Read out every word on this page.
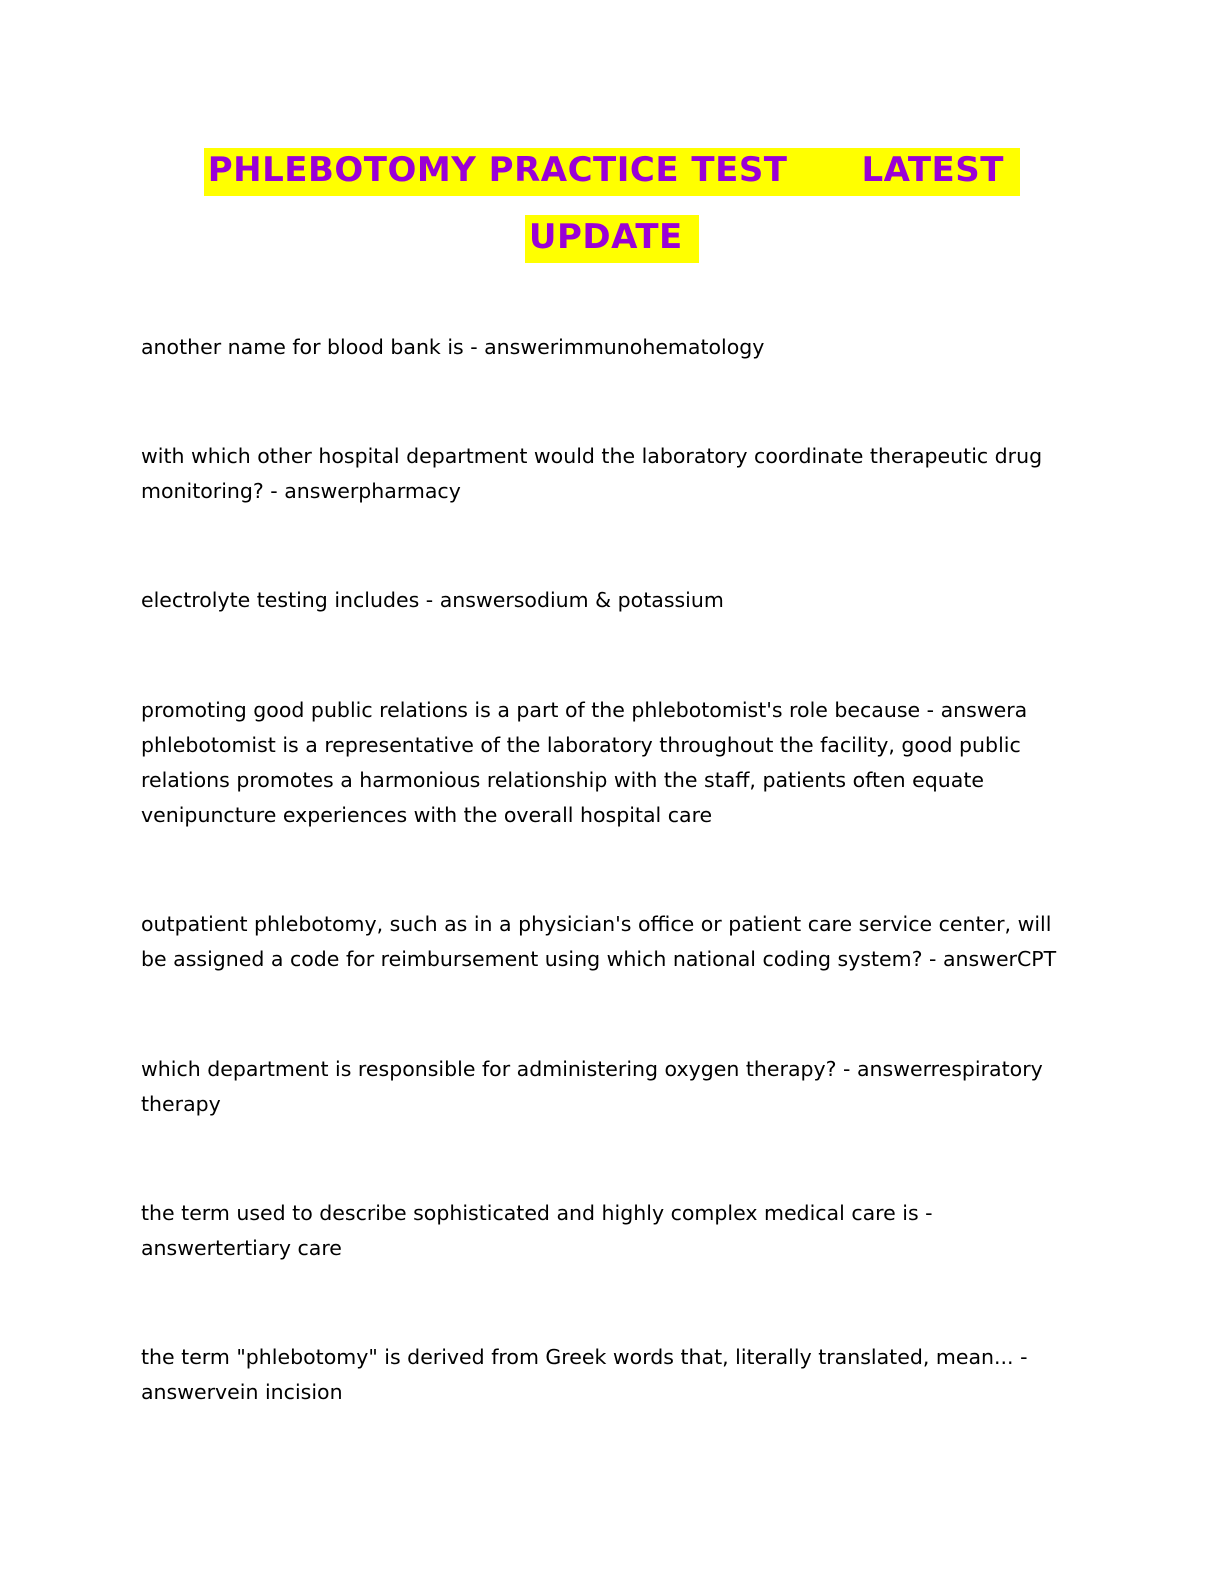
PHLEBOTOMY PRACTICE TEST      LATEST
UPDATE

another name for blood bank is - answerimmunohematology

with which other hospital department would the laboratory coordinate therapeutic drug
monitoring? - answerpharmacy

electrolyte testing includes - answersodium & potassium

promoting good public relations is a part of the phlebotomist's role because - answera
phlebotomist is a representative of the laboratory throughout the facility, good public
relations promotes a harmonious relationship with the staff, patients often equate
venipuncture experiences with the overall hospital care

outpatient phlebotomy, such as in a physician's office or patient care service center, will
be assigned a code for reimbursement using which national coding system? - answerCPT

which department is responsible for administering oxygen therapy? - answerrespiratory
therapy

the term used to describe sophisticated and highly complex medical care is -
answertertiary care

the term "phlebotomy" is derived from Greek words that, literally translated, mean... -
answervein incision
